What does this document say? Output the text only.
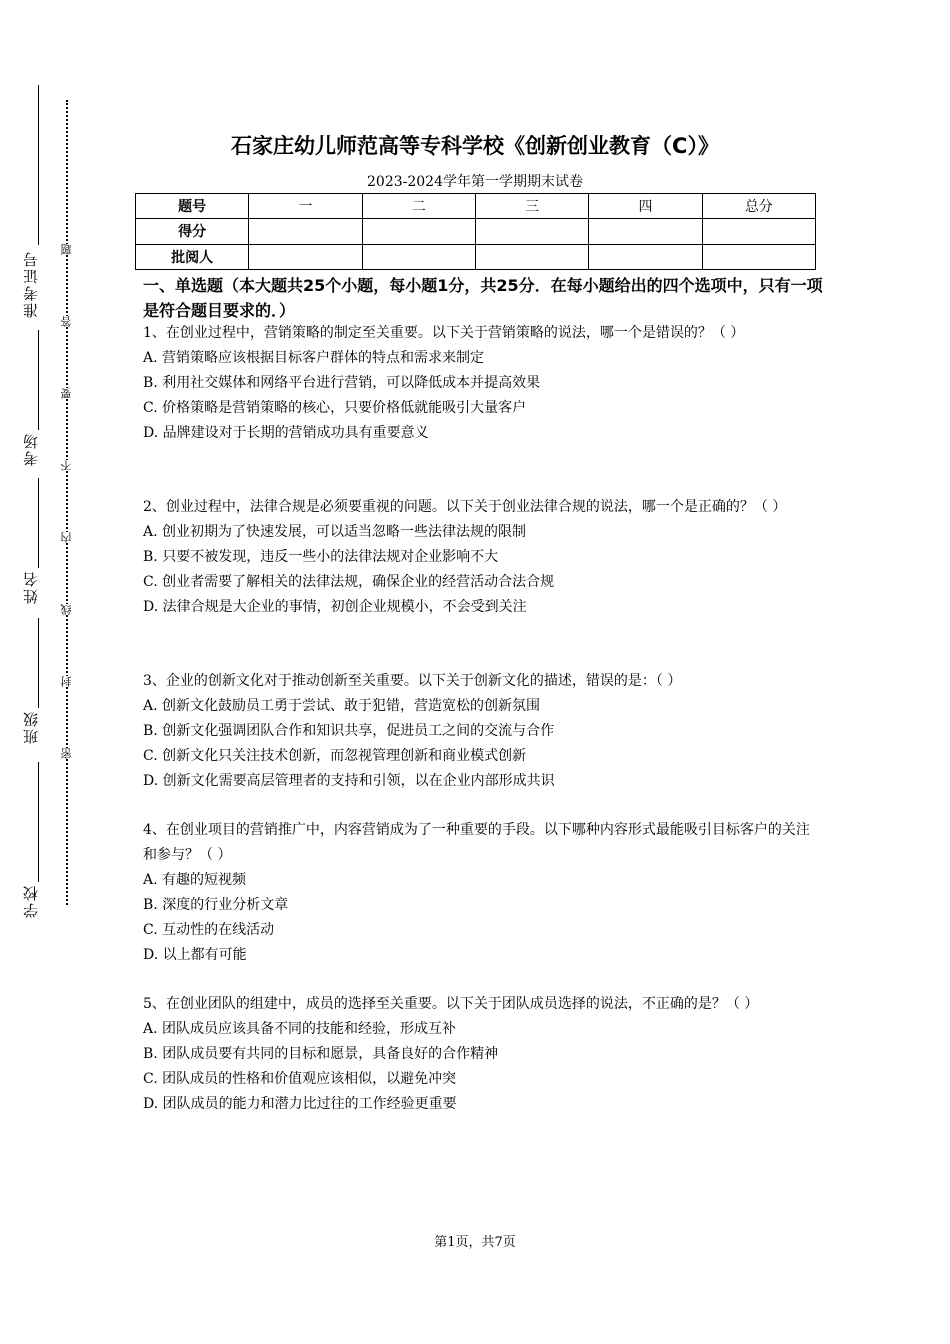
准考证号
考场
姓名
班级
学校
题
答
要
不
内
线
封
密
石家庄幼儿师范高等专科学校《创新创业教育（C）》
2023-2024学年第一学期期末试卷
题号	一	二	三	四	总分
得分					
批阅人					
一、单选题（本大题共25个小题，每小题1分，共25分．在每小题给出的四个选项中，只有一项是符合题目要求的．）

1、在创业过程中，营销策略的制定至关重要。以下关于营销策略的说法，哪一个是错误的？（ ）

A. 营销策略应该根据目标客户群体的特点和需求来制定

B. 利用社交媒体和网络平台进行营销，可以降低成本并提高效果

C. 价格策略是营销策略的核心，只要价格低就能吸引大量客户

D. 品牌建设对于长期的营销成功具有重要意义

2、创业过程中，法律合规是必须要重视的问题。以下关于创业法律合规的说法，哪一个是正确的？（ ）

A. 创业初期为了快速发展，可以适当忽略一些法律法规的限制

B. 只要不被发现，违反一些小的法律法规对企业影响不大

C. 创业者需要了解相关的法律法规，确保企业的经营活动合法合规

D. 法律合规是大企业的事情，初创企业规模小，不会受到关注

3、企业的创新文化对于推动创新至关重要。以下关于创新文化的描述，错误的是：（ ）

A. 创新文化鼓励员工勇于尝试、敢于犯错，营造宽松的创新氛围

B. 创新文化强调团队合作和知识共享，促进员工之间的交流与合作

C. 创新文化只关注技术创新，而忽视管理创新和商业模式创新

D. 创新文化需要高层管理者的支持和引领，以在企业内部形成共识

4、在创业项目的营销推广中，内容营销成为了一种重要的手段。以下哪种内容形式最能吸引目标客户的关注和参与？（ ）

A. 有趣的短视频

B. 深度的行业分析文章

C. 互动性的在线活动

D. 以上都有可能

5、在创业团队的组建中，成员的选择至关重要。以下关于团队成员选择的说法，不正确的是？（ ）

A. 团队成员应该具备不同的技能和经验，形成互补

B. 团队成员要有共同的目标和愿景，具备良好的合作精神

C. 团队成员的性格和价值观应该相似，以避免冲突

D. 团队成员的能力和潜力比过往的工作经验更重要

第1页，共7页
